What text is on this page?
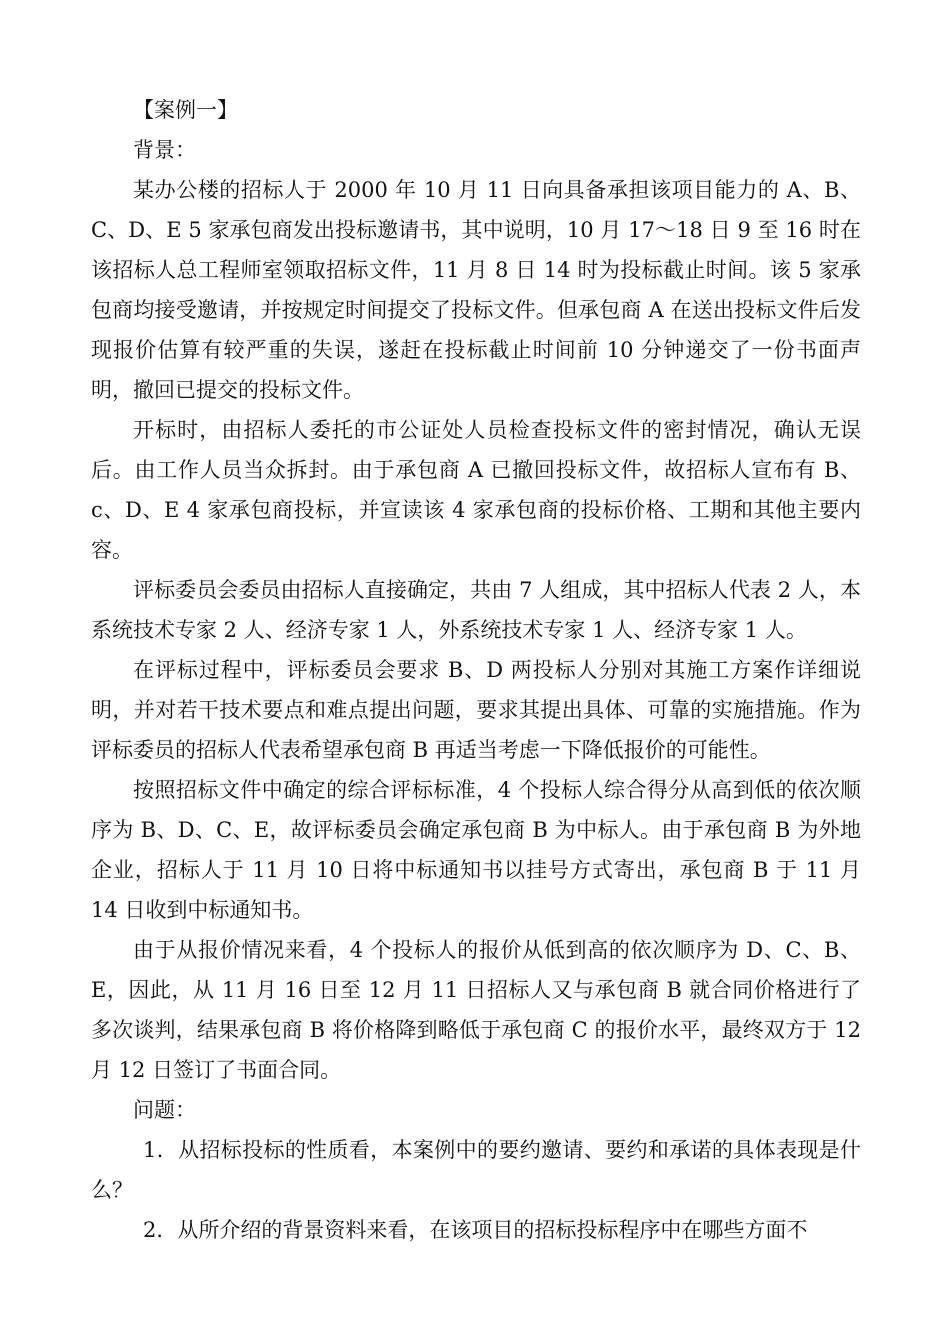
【案例一】

背景：

某办公楼的招标人于 2000 年 10 月 11 日向具备承担该项目能力的 A、B、C、D、E 5 家承包商发出投标邀请书，其中说明，10 月 17～18 日 9 至 16 时在该招标人总工程师室领取招标文件，11 月 8 日 14 时为投标截止时间。该 5 家承包商均接受邀请，并按规定时间提交了投标文件。但承包商 A 在送出投标文件后发现报价估算有较严重的失误，遂赶在投标截止时间前 10 分钟递交了一份书面声明，撤回已提交的投标文件。

开标时，由招标人委托的市公证处人员检查投标文件的密封情况，确认无误后。由工作人员当众拆封。由于承包商 A 已撤回投标文件，故招标人宣布有 B、c、D、E 4 家承包商投标，并宣读该 4 家承包商的投标价格、工期和其他主要内容。

评标委员会委员由招标人直接确定，共由 7 人组成，其中招标人代表 2 人，本系统技术专家 2 人、经济专家 1 人，外系统技术专家 1 人、经济专家 1 人。

在评标过程中，评标委员会要求 B、D 两投标人分别对其施工方案作详细说明，并对若干技术要点和难点提出问题，要求其提出具体、可靠的实施措施。作为评标委员的招标人代表希望承包商 B 再适当考虑一下降低报价的可能性。

按照招标文件中确定的综合评标标准，4 个投标人综合得分从高到低的依次顺序为 B、D、C、E，故评标委员会确定承包商 B 为中标人。由于承包商 B 为外地企业，招标人于 11 月 10 日将中标通知书以挂号方式寄出，承包商 B 于 11 月 14 日收到中标通知书。

由于从报价情况来看，4 个投标人的报价从低到高的依次顺序为 D、C、B、E，因此，从 11 月 16 日至 12 月 11 日招标人又与承包商 B 就合同价格进行了多次谈判，结果承包商 B 将价格降到略低于承包商 C 的报价水平，最终双方于 12 月 12 日签订了书面合同。

问题：

1．从招标投标的性质看，本案例中的要约邀请、要约和承诺的具体表现是什么？

2．从所介绍的背景资料来看，在该项目的招标投标程序中在哪些方面不
